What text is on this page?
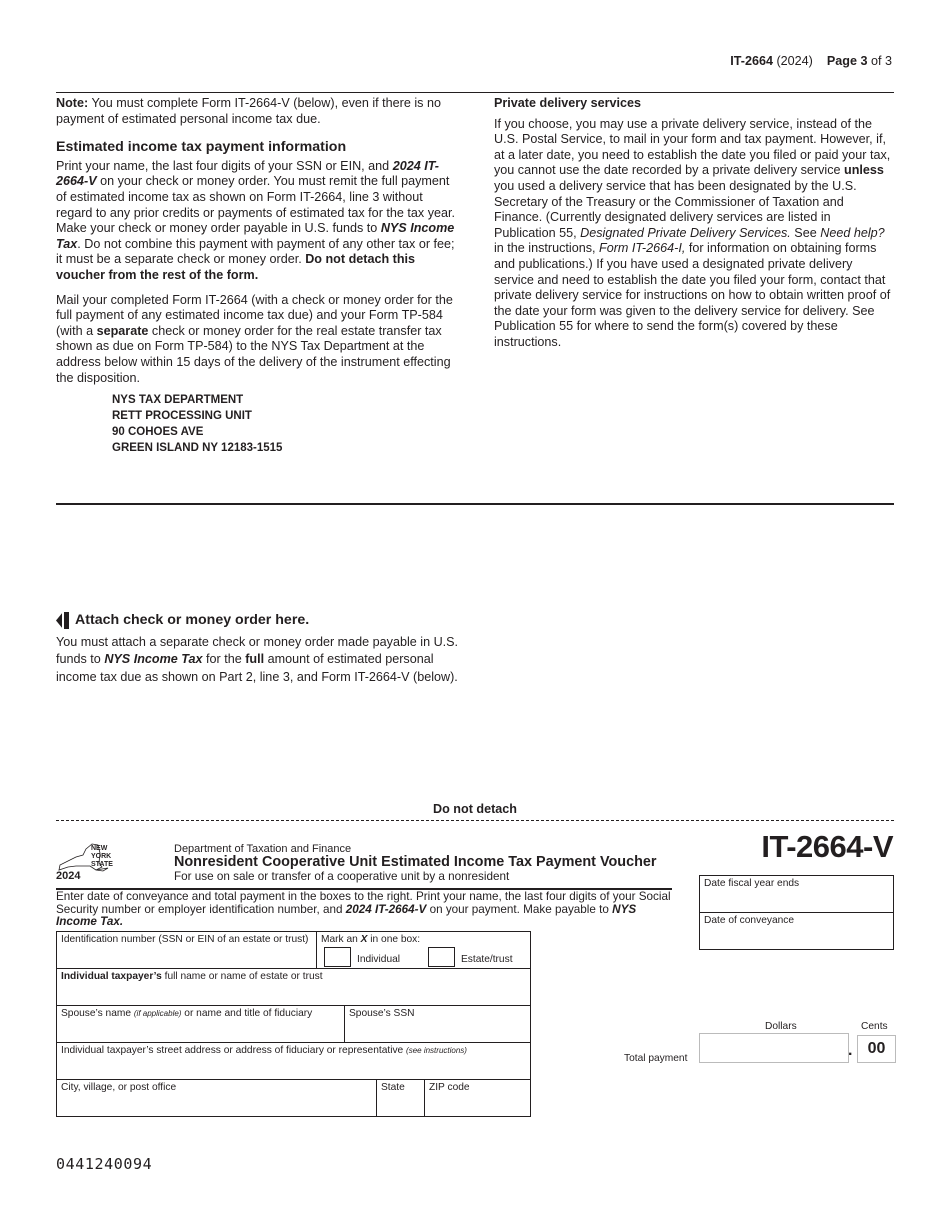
IT-2664 (2024) Page 3 of 3

Note: You must complete Form IT-2664-V (below), even if there is no payment of estimated personal income tax due.

Estimated income tax payment information

Print your name, the last four digits of your SSN or EIN, and 2024 IT-2664-V on your check or money order. You must remit the full payment of estimated income tax as shown on Form IT-2664, line 3 without regard to any prior credits or payments of estimated tax for the tax year. Make your check or money order payable in U.S. funds to NYS Income Tax. Do not combine this payment with payment of any other tax or fee; it must be a separate check or money order. Do not detach this voucher from the rest of the form.

Mail your completed Form IT-2664 (with a check or money order for the full payment of any estimated income tax due) and your Form TP-584 (with a separate check or money order for the real estate transfer tax shown as due on Form TP-584) to the NYS Tax Department at the address below within 15 days of the delivery of the instrument effecting the disposition.

NYS TAX DEPARTMENT
RETT PROCESSING UNIT
90 COHOES AVE
GREEN ISLAND NY 12183-1515
Private delivery services

If you choose, you may use a private delivery service, instead of the U.S. Postal Service, to mail in your form and tax payment. However, if, at a later date, you need to establish the date you filed or paid your tax, you cannot use the date recorded by a private delivery service unless you used a delivery service that has been designated by the U.S. Secretary of the Treasury or the Commissioner of Taxation and Finance. (Currently designated delivery services are listed in Publication 55, Designated Private Delivery Services. See Need help? in the instructions, Form IT-2664-I, for information on obtaining forms and publications.) If you have used a designated private delivery service and need to establish the date you filed your form, contact that private delivery service for instructions on how to obtain written proof of the date your form was given to the delivery service for delivery. See Publication 55 for where to send the form(s) covered by these instructions.

Attach check or money order here.

You must attach a separate check or money order made payable in U.S. funds to NYS Income Tax for the full amount of estimated personal income tax due as shown on Part 2, line 3, and Form IT-2664-V (below).

Do not detach
NEW
YORK
STATE
2024
Department of Taxation and Finance
Nonresident Cooperative Unit Estimated Income Tax Payment Voucher
For use on sale or transfer of a cooperative unit by a nonresident
IT-2664-V
Enter date of conveyance and total payment in the boxes to the right. Print your name, the last four digits of your Social Security number or employer identification number, and 2024 IT-2664-V on your payment. Make payable to NYS Income Tax.
Identification number (SSN or EIN of an estate or trust) Mark an X in one box:
Individual	Estate/trust
Individual taxpayer’s full name or name of estate or trust
Spouse’s name (if applicable) or name and title of fiduciary	Spouse’s SSN
Individual taxpayer’s street address or address of fiduciary or representative (see instructions)
City, village, or post office	State ZIP code
Date fiscal year ends
Date of conveyance
Dollars	Cents
Total payment	. 00
0441240094
